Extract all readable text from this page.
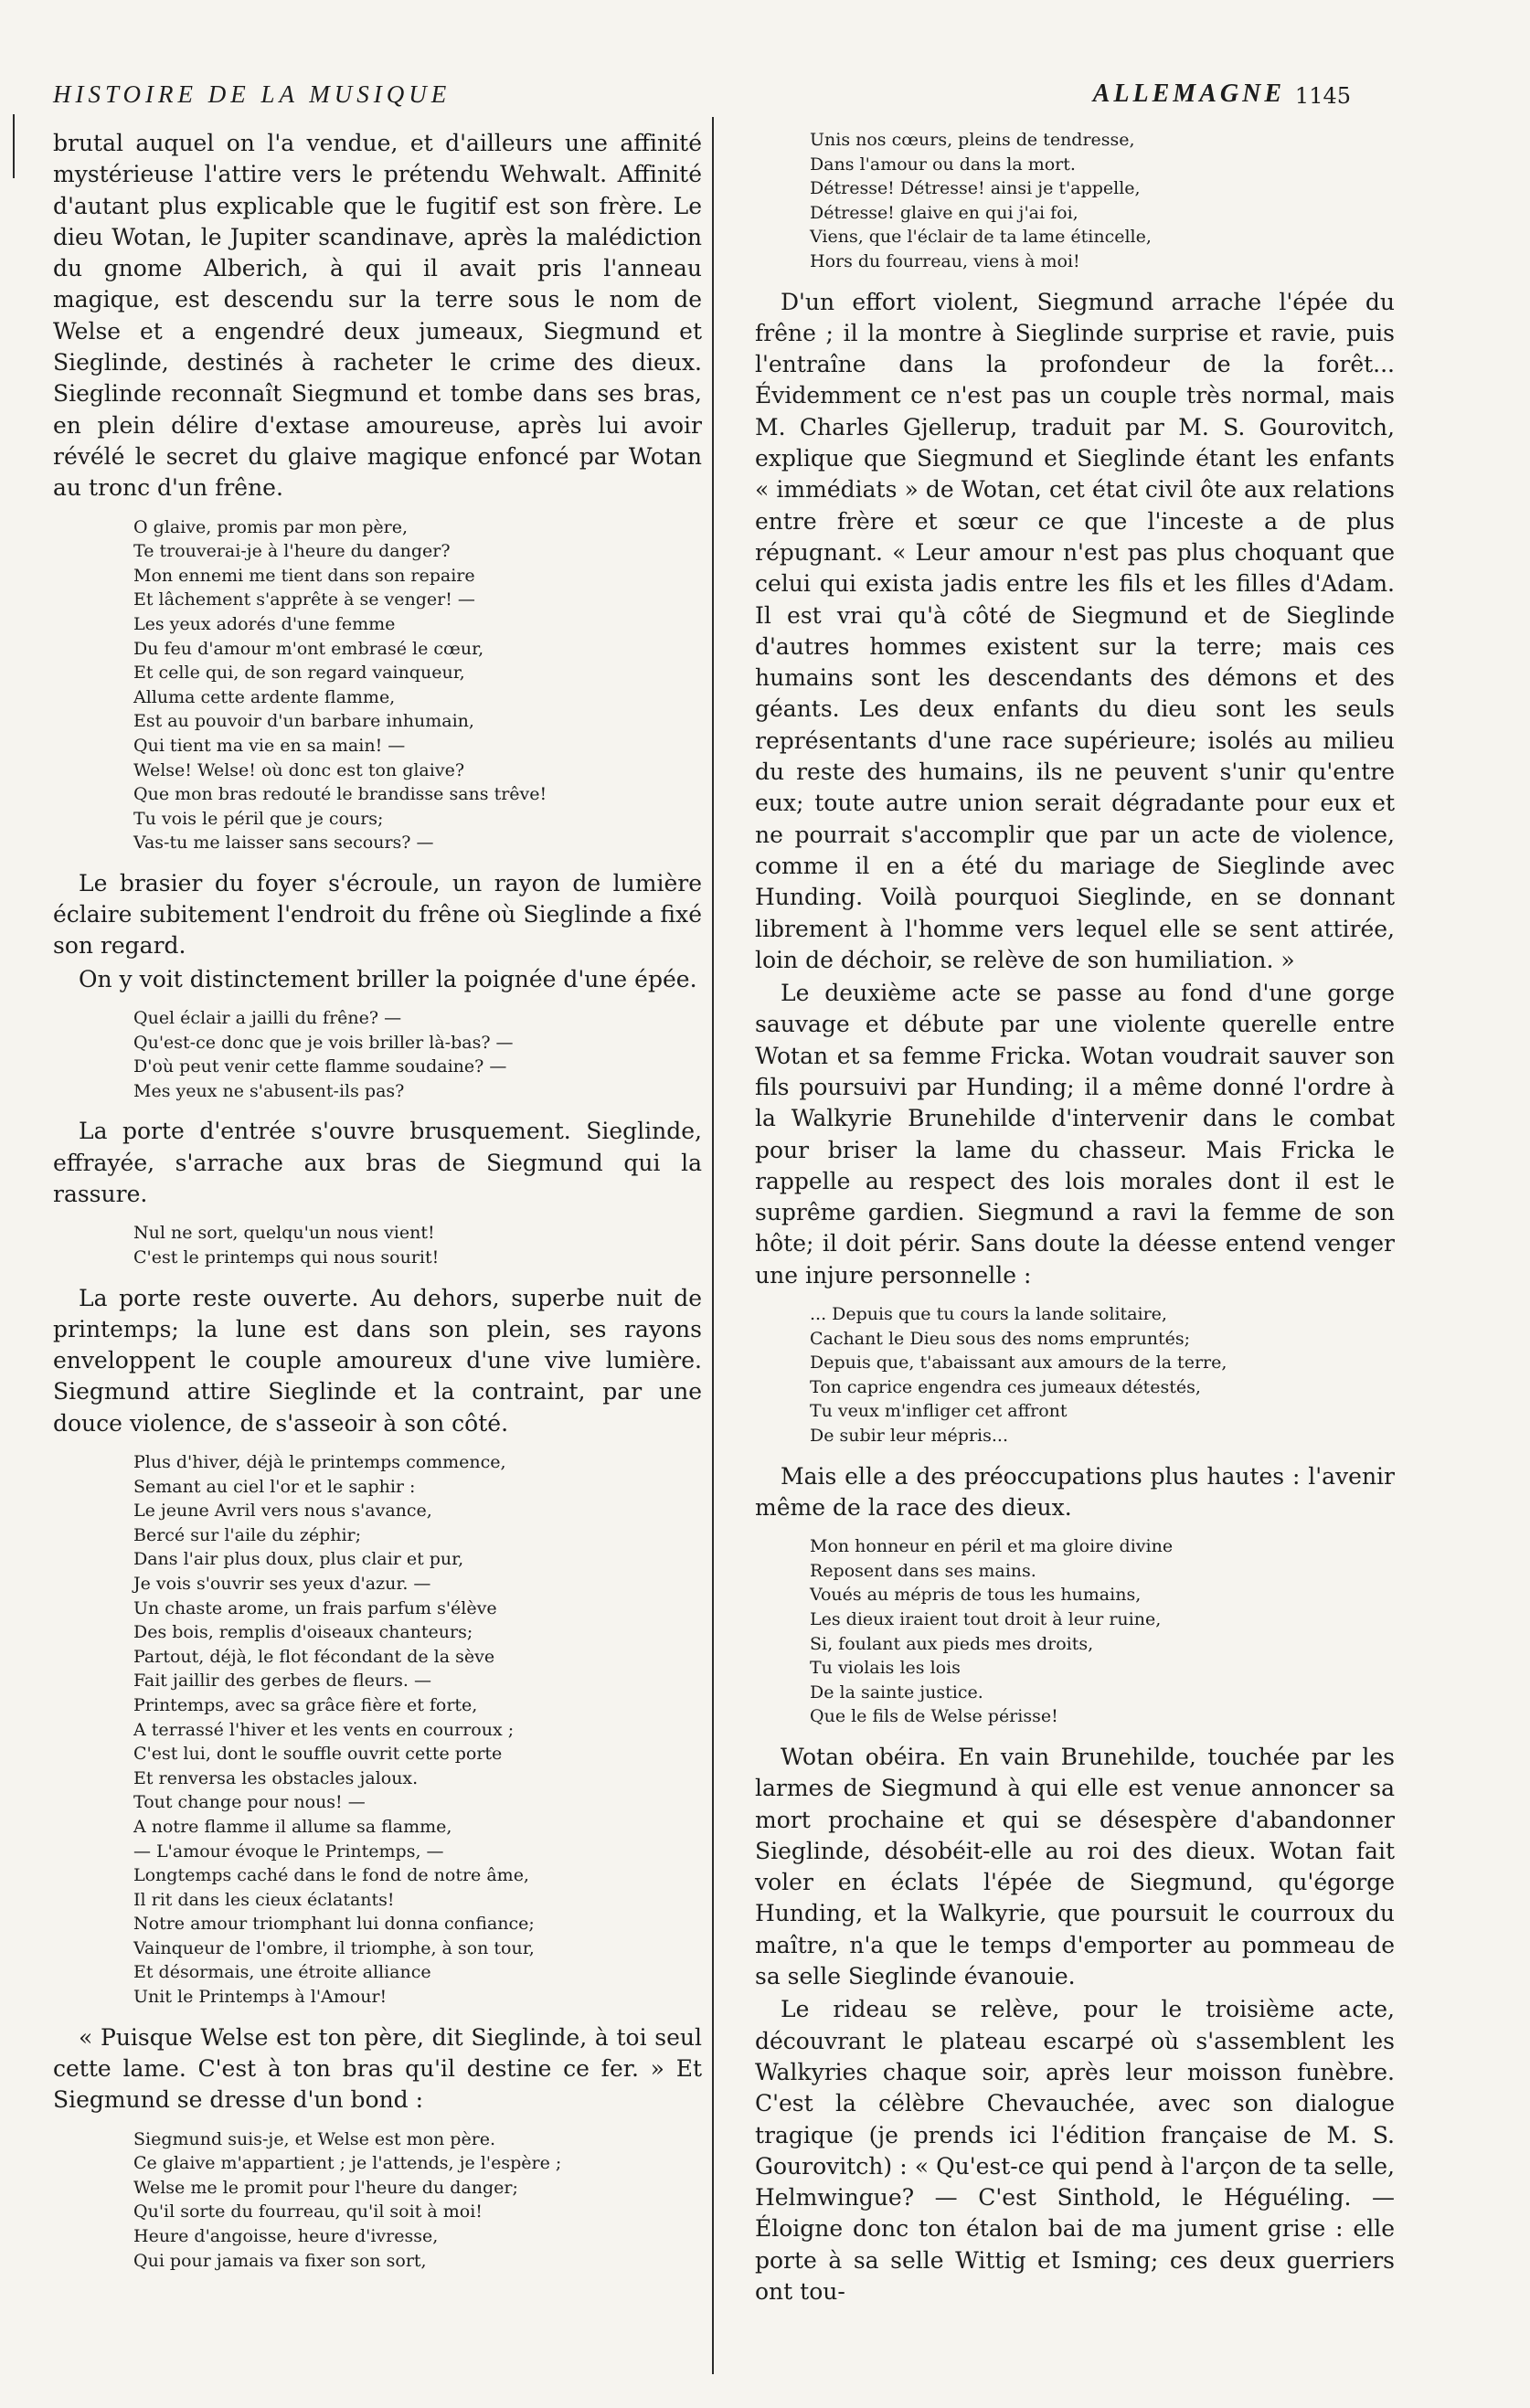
HISTOIRE DE LA MUSIQUE	ALLEMAGNE 1145

brutal auquel on l'a vendue, et d'ailleurs une affinité mystérieuse l'attire vers le prétendu Wehwalt. Affinité d'autant plus explicable que le fugitif est son frère. Le dieu Wotan, le Jupiter scandinave, après la malédiction du gnome Alberich, à qui il avait pris l'anneau magique, est descendu sur la terre sous le nom de Welse et a engendré deux jumeaux, Siegmund et Sieglinde, destinés à racheter le crime des dieux. Sieglinde reconnaît Siegmund et tombe dans ses bras, en plein délire d'extase amoureuse, après lui avoir révélé le secret du glaive magique enfoncé par Wotan au tronc d'un frêne.

O glaive, promis par mon père,
Te trouverai-je à l'heure du danger?
Mon ennemi me tient dans son repaire
Et lâchement s'apprête à se venger! —
Les yeux adorés d'une femme
Du feu d'amour m'ont embrasé le cœur,
Et celle qui, de son regard vainqueur,
Alluma cette ardente flamme,
Est au pouvoir d'un barbare inhumain,
Qui tient ma vie en sa main! —
Welse! Welse! où donc est ton glaive?
Que mon bras redouté le brandisse sans trêve!
Tu vois le péril que je cours;
Vas-tu me laisser sans secours? —

Le brasier du foyer s'écroule, un rayon de lumière éclaire subitement l'endroit du frêne où Sieglinde a fixé son regard.

On y voit distinctement briller la poignée d'une épée.

Quel éclair a jailli du frêne? —
Qu'est-ce donc que je vois briller là-bas? —
D'où peut venir cette flamme soudaine? —
Mes yeux ne s'abusent-ils pas?

La porte d'entrée s'ouvre brusquement. Sieglinde, effrayée, s'arrache aux bras de Siegmund qui la rassure.

Nul ne sort, quelqu'un nous vient!
C'est le printemps qui nous sourit!

La porte reste ouverte. Au dehors, superbe nuit de printemps; la lune est dans son plein, ses rayons enveloppent le couple amoureux d'une vive lumière. Siegmund attire Sieglinde et la contraint, par une douce violence, de s'asseoir à son côté.

Plus d'hiver, déjà le printemps commence,
Semant au ciel l'or et le saphir :
Le jeune Avril vers nous s'avance,
Bercé sur l'aile du zéphir;
Dans l'air plus doux, plus clair et pur,
Je vois s'ouvrir ses yeux d'azur. —
Un chaste arome, un frais parfum s'élève
Des bois, remplis d'oiseaux chanteurs;
Partout, déjà, le flot fécondant de la sève
Fait jaillir des gerbes de fleurs. —
Printemps, avec sa grâce fière et forte,
A terrassé l'hiver et les vents en courroux ;
C'est lui, dont le souffle ouvrit cette porte
Et renversa les obstacles jaloux.
Tout change pour nous! —
A notre flamme il allume sa flamme,
— L'amour évoque le Printemps, —
Longtemps caché dans le fond de notre âme,
Il rit dans les cieux éclatants!
Notre amour triomphant lui donna confiance;
Vainqueur de l'ombre, il triomphe, à son tour,
Et désormais, une étroite alliance
Unit le Printemps à l'Amour!

« Puisque Welse est ton père, dit Sieglinde, à toi seul cette lame. C'est à ton bras qu'il destine ce fer. » Et Siegmund se dresse d'un bond :

Siegmund suis-je, et Welse est mon père.
Ce glaive m'appartient ; je l'attends, je l'espère ;
Welse me le promit pour l'heure du danger;
Qu'il sorte du fourreau, qu'il soit à moi!
Heure d'angoisse, heure d'ivresse,
Qui pour jamais va fixer son sort,
Unis nos cœurs, pleins de tendresse,
Dans l'amour ou dans la mort.
Détresse! Détresse! ainsi je t'appelle,
Détresse! glaive en qui j'ai foi,
Viens, que l'éclair de ta lame étincelle,
Hors du fourreau, viens à moi!

D'un effort violent, Siegmund arrache l'épée du frêne ; il la montre à Sieglinde surprise et ravie, puis l'entraîne dans la profondeur de la forêt... Évidemment ce n'est pas un couple très normal, mais M. Charles Gjellerup, traduit par M. S. Gourovitch, explique que Siegmund et Sieglinde étant les enfants « immédiats » de Wotan, cet état civil ôte aux relations entre frère et sœur ce que l'inceste a de plus répugnant. « Leur amour n'est pas plus choquant que celui qui exista jadis entre les fils et les filles d'Adam. Il est vrai qu'à côté de Siegmund et de Sieglinde d'autres hommes existent sur la terre; mais ces humains sont les descendants des démons et des géants. Les deux enfants du dieu sont les seuls représentants d'une race supérieure; isolés au milieu du reste des humains, ils ne peuvent s'unir qu'entre eux; toute autre union serait dégradante pour eux et ne pourrait s'accomplir que par un acte de violence, comme il en a été du mariage de Sieglinde avec Hunding. Voilà pourquoi Sieglinde, en se donnant librement à l'homme vers lequel elle se sent attirée, loin de déchoir, se relève de son humiliation. »

Le deuxième acte se passe au fond d'une gorge sauvage et débute par une violente querelle entre Wotan et sa femme Fricka. Wotan voudrait sauver son fils poursuivi par Hunding; il a même donné l'ordre à la Walkyrie Brunehilde d'intervenir dans le combat pour briser la lame du chasseur. Mais Fricka le rappelle au respect des lois morales dont il est le suprême gardien. Siegmund a ravi la femme de son hôte; il doit périr. Sans doute la déesse entend venger une injure personnelle :

... Depuis que tu cours la lande solitaire,
Cachant le Dieu sous des noms empruntés;
Depuis que, t'abaissant aux amours de la terre,
Ton caprice engendra ces jumeaux détestés,
Tu veux m'infliger cet affront
De subir leur mépris...

Mais elle a des préoccupations plus hautes : l'avenir même de la race des dieux.

Mon honneur en péril et ma gloire divine
Reposent dans ses mains.
Voués au mépris de tous les humains,
Les dieux iraient tout droit à leur ruine,
Si, foulant aux pieds mes droits,
Tu violais les lois
De la sainte justice.
Que le fils de Welse périsse!

Wotan obéira. En vain Brunehilde, touchée par les larmes de Siegmund à qui elle est venue annoncer sa mort prochaine et qui se désespère d'abandonner Sieglinde, désobéit-elle au roi des dieux. Wotan fait voler en éclats l'épée de Siegmund, qu'égorge Hunding, et la Walkyrie, que poursuit le courroux du maître, n'a que le temps d'emporter au pommeau de sa selle Sieglinde évanouie.

Le rideau se relève, pour le troisième acte, découvrant le plateau escarpé où s'assemblent les Walkyries chaque soir, après leur moisson funèbre. C'est la célèbre Chevauchée, avec son dialogue tragique (je prends ici l'édition française de M. S. Gourovitch) : « Qu'est-ce qui pend à l'arçon de ta selle, Helmwingue? — C'est Sinthold, le Héguéling. — Éloigne donc ton étalon bai de ma jument grise : elle porte à sa selle Wittig et Isming; ces deux guerriers ont tou-
